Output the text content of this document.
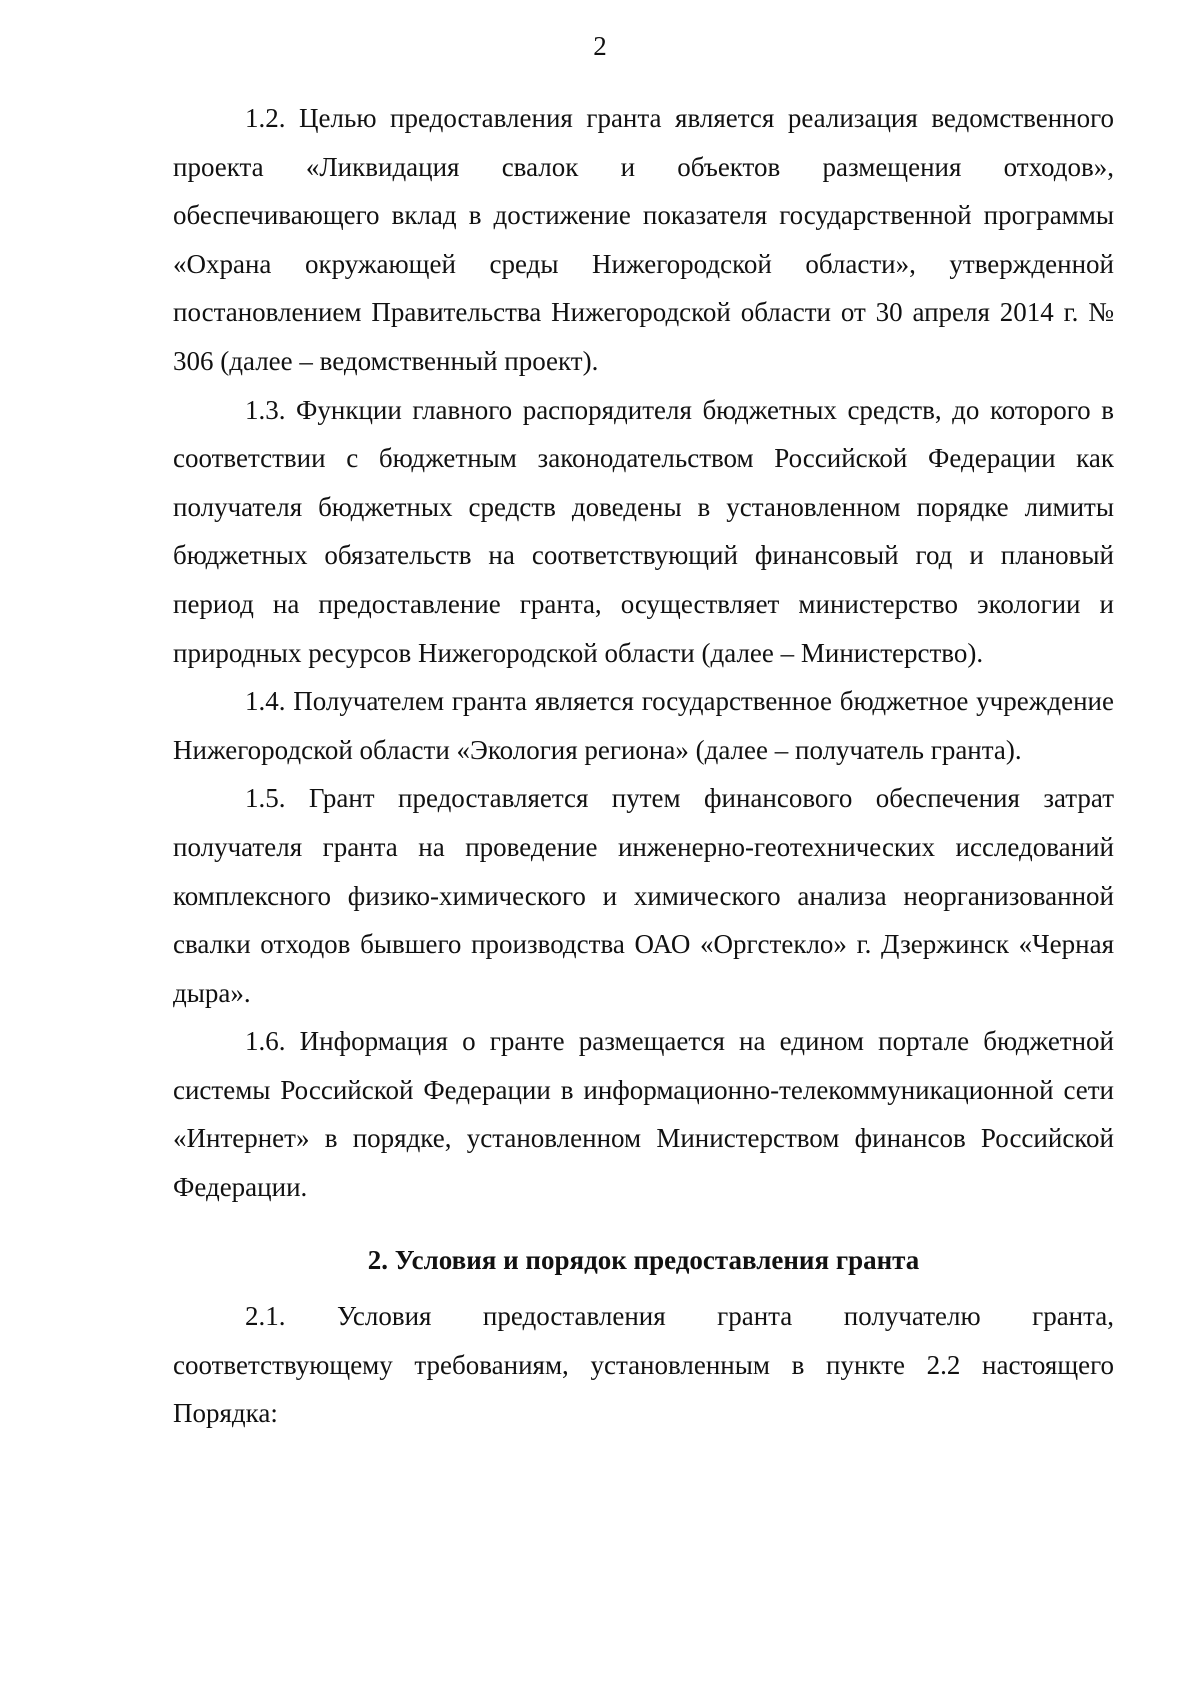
2

1.2. Целью предоставления гранта является реализация ведомственного проекта «Ликвидация свалок и объектов размещения отходов», обеспечивающего вклад в достижение показателя государственной программы «Охрана окружающей среды Нижегородской области», утвержденной постановлением Правительства Нижегородской области от 30 апреля 2014 г. № 306 (далее – ведомственный проект).

1.3. Функции главного распорядителя бюджетных средств, до которого в соответствии с бюджетным законодательством Российской Федерации как получателя бюджетных средств доведены в установленном порядке лимиты бюджетных обязательств на соответствующий финансовый год и плановый период на предоставление гранта, осуществляет министерство экологии и природных ресурсов Нижегородской области (далее – Министерство).

1.4. Получателем гранта является государственное бюджетное учреждение Нижегородской области «Экология региона» (далее – получатель гранта).

1.5. Грант предоставляется путем финансового обеспечения затрат получателя гранта на проведение инженерно-геотехнических исследований комплексного физико-химического и химического анализа неорганизованной свалки отходов бывшего производства ОАО «Оргстекло» г. Дзержинск «Черная дыра».

1.6. Информация о гранте размещается на едином портале бюджетной системы Российской Федерации в информационно-телекоммуникационной сети «Интернет» в порядке, установленном Министерством финансов Российской Федерации.

2. Условия и порядок предоставления гранта

2.1. Условия предоставления гранта получателю гранта, соответствующему требованиям, установленным в пункте 2.2 настоящего Порядка:
